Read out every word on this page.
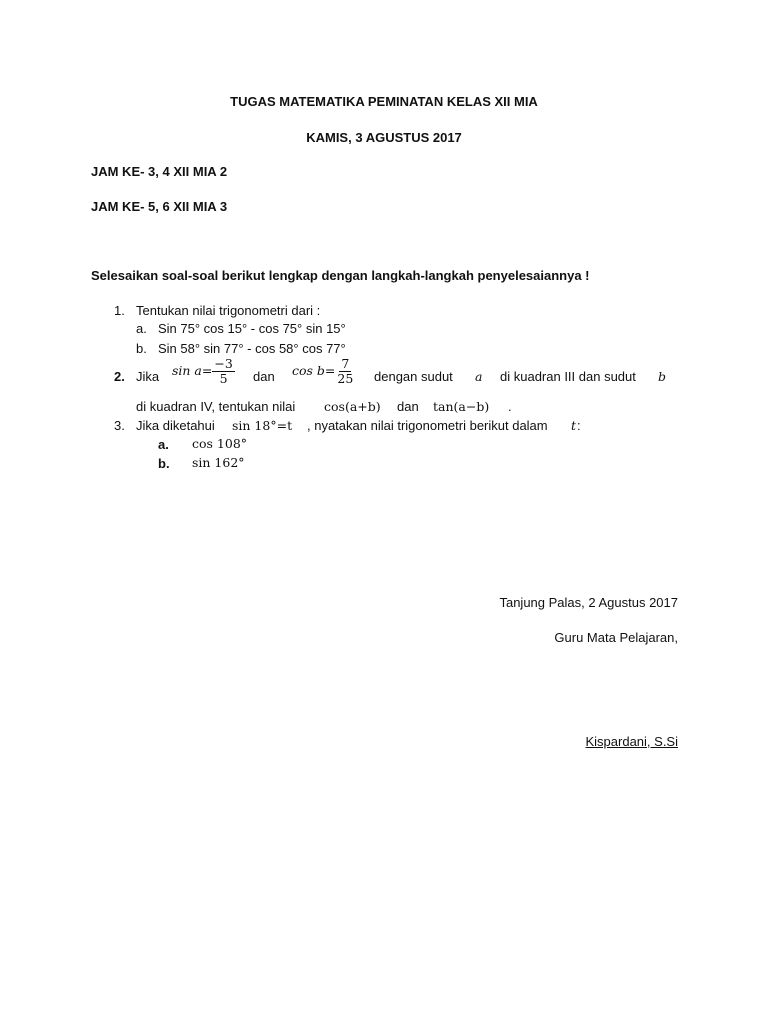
TUGAS MATEMATIKA PEMINATAN KELAS XII MIA
KAMIS, 3 AGUSTUS 2017
JAM KE- 3, 4 XII MIA 2
JAM KE- 5, 6 XII MIA 3
Selesaikan soal-soal berikut lengkap dengan langkah-langkah penyelesaiannya !
1. Tentukan nilai trigonometri dari :
a. Sin 75° cos 15° - cos 75° sin 15°
b. Sin 58° sin 77° - cos 58° cos 77°
2. Jika $\sin a= \frac{-3}{5}$ dan $\cos b= \frac{7}{25}$ dengan sudut a di kuadran III dan sudut b
di kuadran IV, tentukan nilai cos(a+b) dan tan(a−b) .
3. Jika diketahui sin 18°=t , nyatakan nilai trigonometri berikut dalam t :
a. cos 108°
b. sin 162°
Tanjung Palas, 2 Agustus 2017
Guru Mata Pelajaran,
Kispardani, S.Si
